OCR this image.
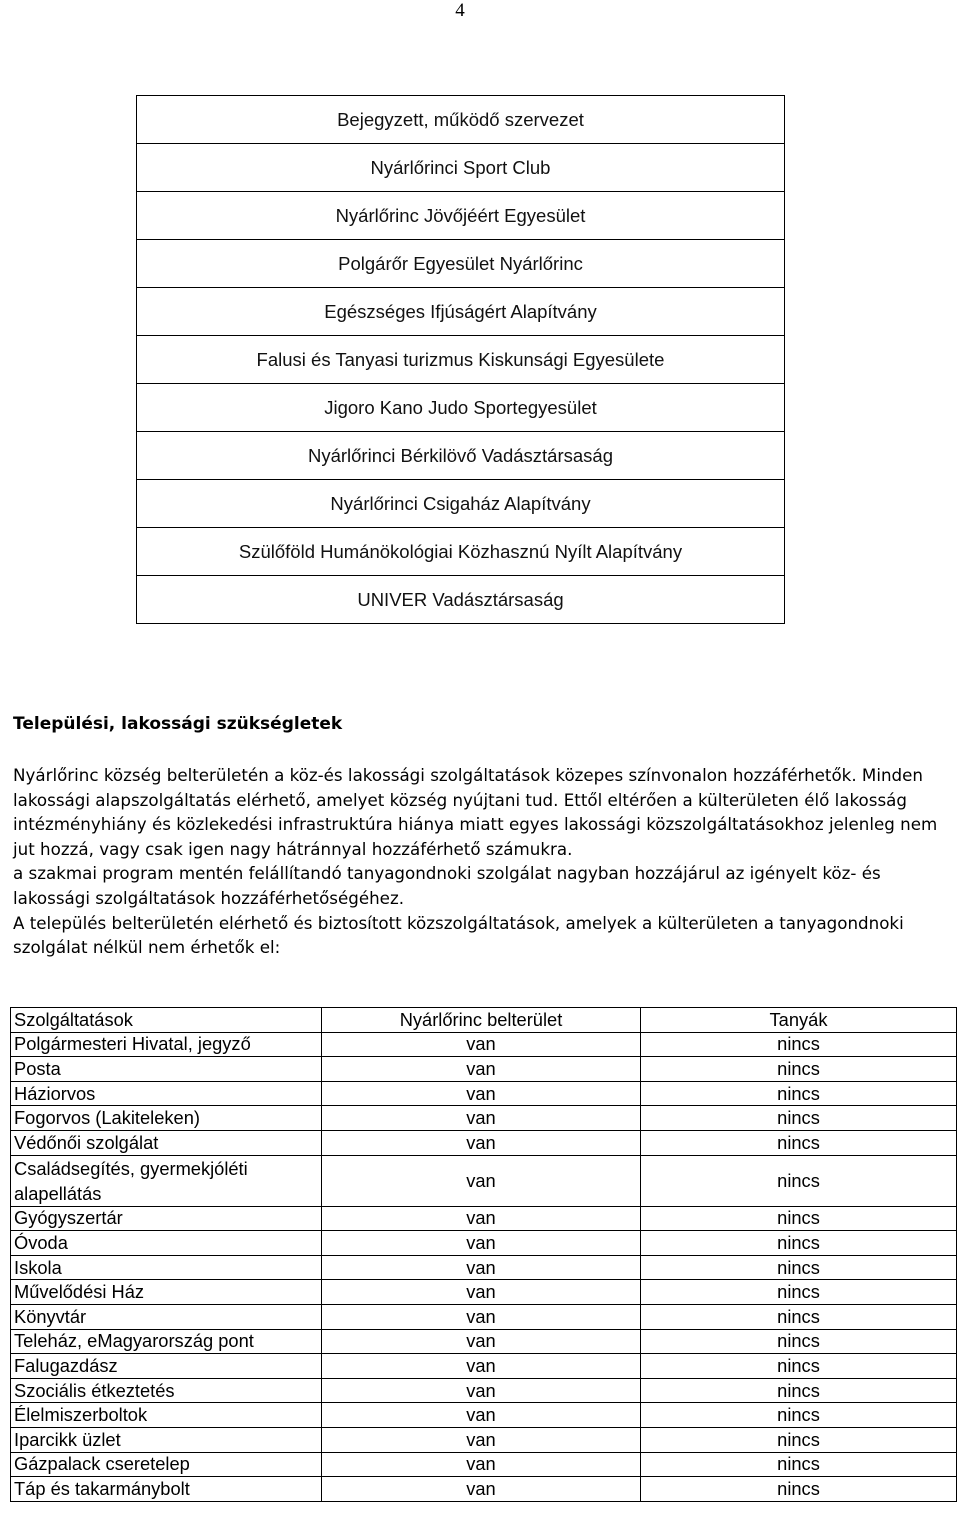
4
Bejegyzett, működő szervezet
Nyárlőrinci Sport Club
Nyárlőrinc Jövőjéért Egyesület
Polgárőr Egyesület Nyárlőrinc
Egészséges Ifjúságért Alapítvány
Falusi és Tanyasi turizmus Kiskunsági Egyesülete
Jigoro Kano Judo Sportegyesület
Nyárlőrinci Bérkilövő Vadásztársaság
Nyárlőrinci Csigaház Alapítvány
Szülőföld Humánökológiai Közhasznú Nyílt Alapítvány
UNIVER Vadásztársaság
Települési, lakossági szükségletek

Nyárlőrinc község belterületén a köz-és lakossági szolgáltatások közepes színvonalon hozzáférhetők. Minden lakossági alapszolgáltatás elérhető, amelyet község nyújtani tud. Ettől eltérően a külterületen élő lakosság intézményhiány és közlekedési infrastruktúra hiánya miatt egyes lakossági közszolgáltatásokhoz jelenleg nem jut hozzá, vagy csak igen nagy hátránnyal hozzáférhető számukra.

a szakmai program mentén felállítandó tanyagondnoki szolgálat nagyban hozzájárul az igényelt köz- és lakossági szolgáltatások hozzáférhetőségéhez.

A település belterületén elérhető és biztosított közszolgáltatások, amelyek a külterületen a tanyagondnoki szolgálat nélkül nem érhetők el:

Szolgáltatások	Nyárlőrinc belterület	Tanyák
Polgármesteri Hivatal, jegyző	van	nincs
Posta	van	nincs
Háziorvos	van	nincs
Fogorvos (Lakiteleken)	van	nincs
Védőnői szolgálat	van	nincs
Családsegítés, gyermekjóléti alapellátás	van	nincs
Gyógyszertár	van	nincs
Óvoda	van	nincs
Iskola	van	nincs
Művelődési Ház	van	nincs
Könyvtár	van	nincs
Teleház, eMagyarország pont	van	nincs
Falugazdász	van	nincs
Szociális étkeztetés	van	nincs
Élelmiszerboltok	van	nincs
Iparcikk üzlet	van	nincs
Gázpalack cseretelep	van	nincs
Táp és takarmánybolt	van	nincs
